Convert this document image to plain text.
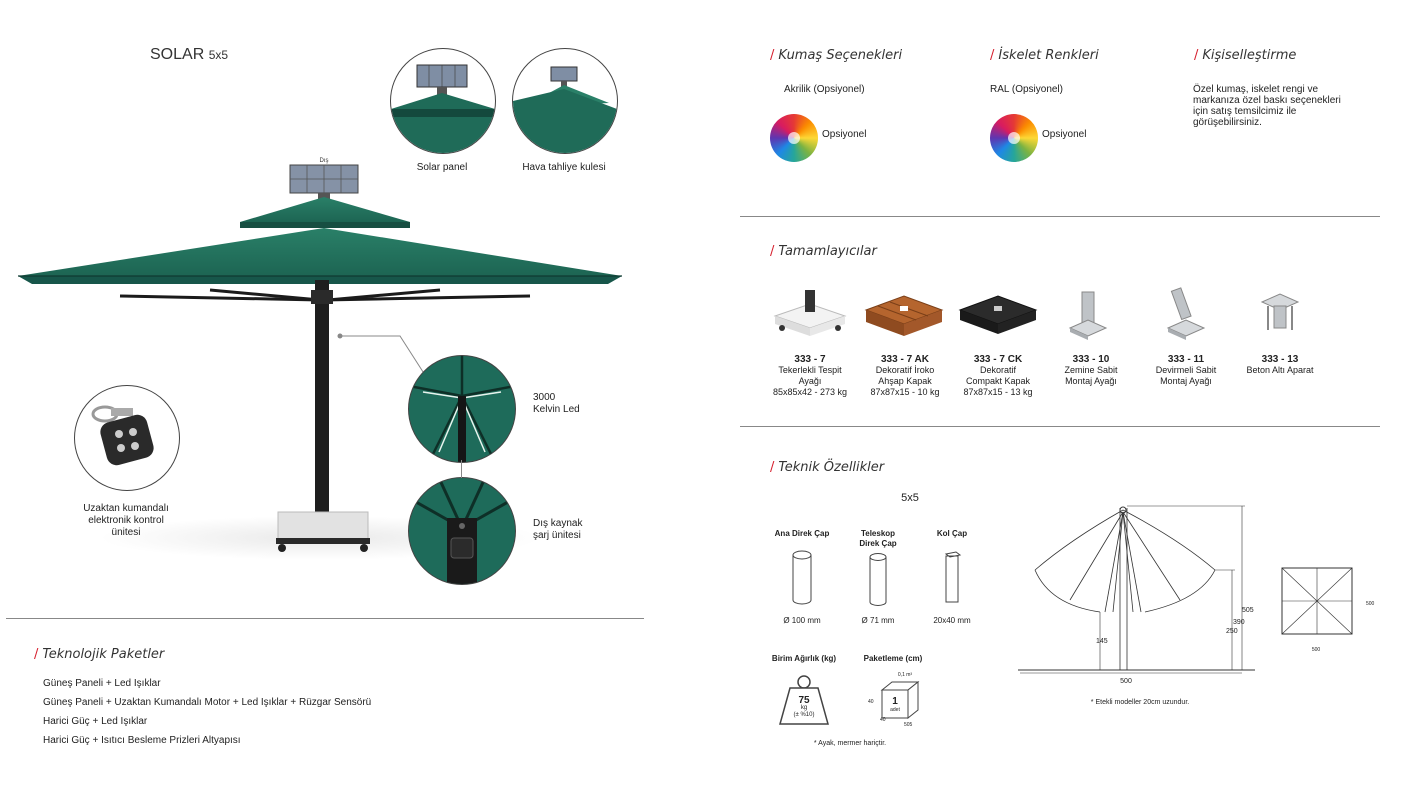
SOLAR 5x5
Dış
Solar panel	Hava tahliye kulesi
3000
Kelvin Led
Dış kaynak
şarj ünitesi
Uzaktan kumandalı
elektronik kontrol
ünitesi
/ Teknolojik Paketler
Güneş Paneli + Led Işıklar
Güneş Paneli + Uzaktan Kumandalı Motor + Led Işıklar + Rüzgar Sensörü
Harici Güç + Led Işıklar
Harici Güç + Isıtıcı Besleme Prizleri Altyapısı
/ Kumaş Seçenekleri
Akrilik (Opsiyonel)
Opsiyonel
/ İskelet Renkleri
RAL (Opsiyonel)
Opsiyonel
/ Kişiselleştirme
Özel kumaş, iskelet rengi ve markanıza özel baskı seçenekleri için satış temsilcimiz ile görüşebilirsiniz.
/ Tamamlayıcılar
333 - 7
Tekerlekli Tespit
Ayağı
85x85x42 - 273 kg
333 - 7 AK
Dekoratif İroko
Ahşap Kapak
87x87x15 - 10 kg
333 - 7 CK
Dekoratif
Compakt Kapak
87x87x15 - 13 kg
333 - 10
Zemine Sabit
Montaj Ayağı
333 - 11
Devirmeli Sabit
Montaj Ayağı
333 - 13
Beton Altı Aparat
/ Teknik Özellikler
5x5
Ana Direk Çap	Teleskop
Direk Çap
Kol Çap
Ø 100 mm	Ø 71 mm	20x40 mm
Birim Ağırlık (kg)	Paketleme (cm)
75
kg
(± %10)
0,1 m³
1
adet
40
40
505
* Ayak, mermer hariçtir.
505
390
250
145
500
* Etekli modeller 20cm uzundur.
500
500
